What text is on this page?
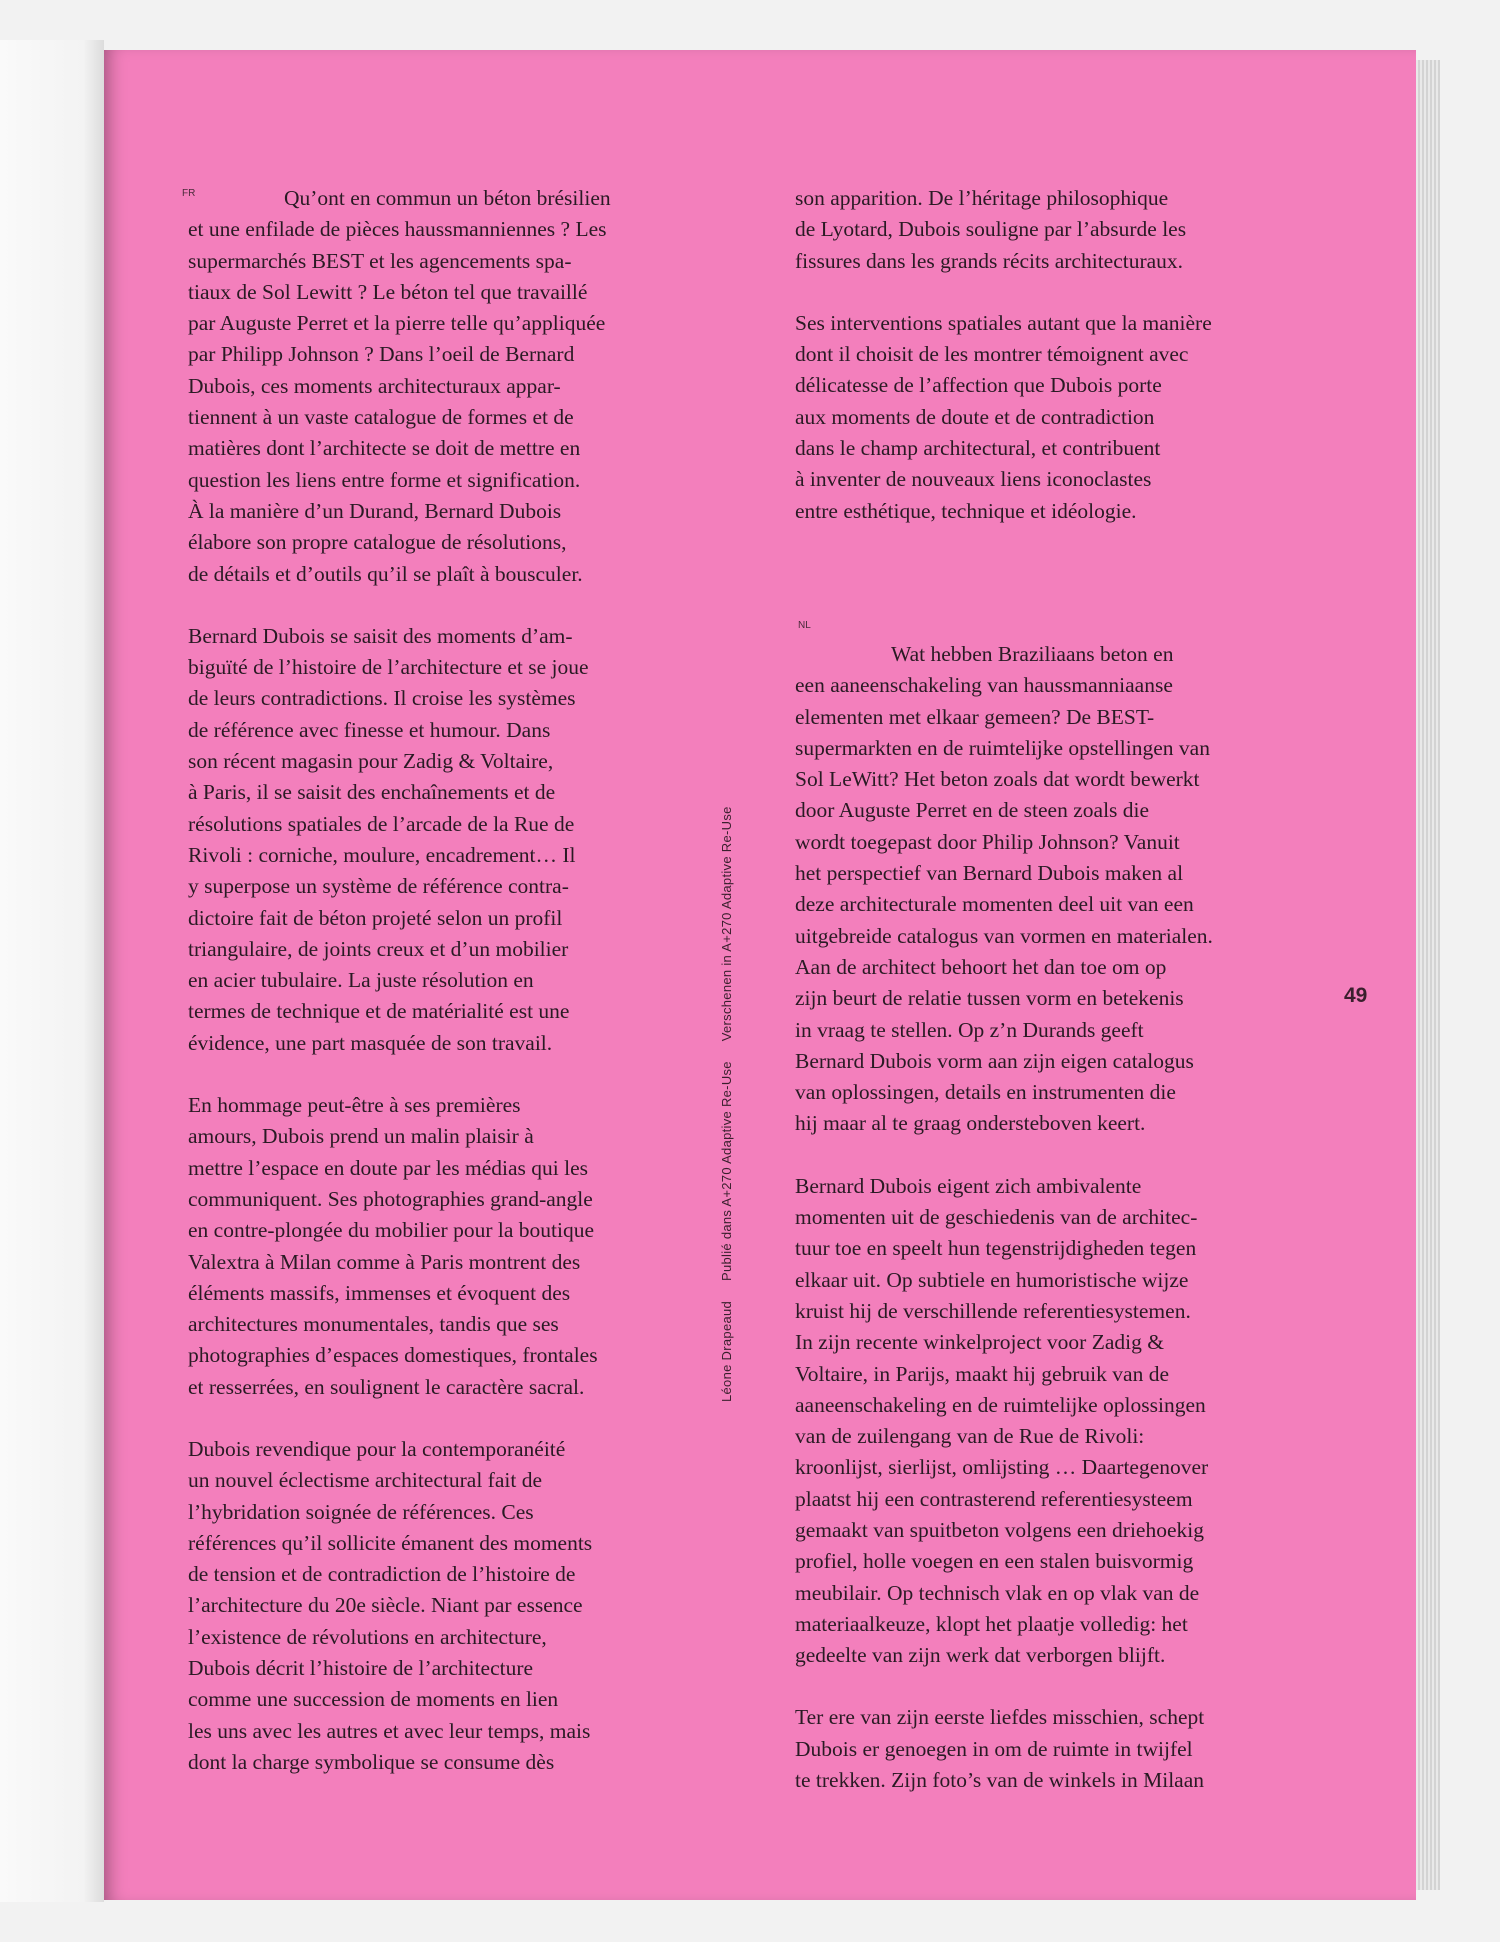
FR
NL

Qu’ont en commun un béton brésilien
et une enfilade de pièces haussmanniennes ? Les
supermarchés BEST et les agencements spa-
tiaux de Sol Lewitt ? Le béton tel que travaillé
par Auguste Perret et la pierre telle qu’appliquée
par Philipp Johnson ? Dans l’oeil de Bernard
Dubois, ces moments architecturaux appar-
tiennent à un vaste catalogue de formes et de
matières dont l’architecte se doit de mettre en
question les liens entre forme et signification.
À la manière d’un Durand, Bernard Dubois
élabore son propre catalogue de résolutions,
de détails et d’outils qu’il se plaît à bousculer.

Bernard Dubois se saisit des moments d’am-
biguïté de l’histoire de l’architecture et se joue
de leurs contradictions. Il croise les systèmes
de référence avec finesse et humour. Dans
son récent magasin pour Zadig & Voltaire,
à Paris, il se saisit des enchaînements et de
résolutions spatiales de l’arcade de la Rue de
Rivoli : corniche, moulure, encadrement… Il
y superpose un système de référence contra-
dictoire fait de béton projeté selon un profil
triangulaire, de joints creux et d’un mobilier
en acier tubulaire. La juste résolution en
termes de technique et de matérialité est une
évidence, une part masquée de son travail.

En hommage peut-être à ses premières
amours, Dubois prend un malin plaisir à
mettre l’espace en doute par les médias qui les
communiquent. Ses photographies grand-angle
en contre-plongée du mobilier pour la boutique
Valextra à Milan comme à Paris montrent des
éléments massifs, immenses et évoquent des
architectures monumentales, tandis que ses
photographies d’espaces domestiques, frontales
et resserrées, en soulignent le caractère sacral.

Dubois revendique pour la contemporanéité
un nouvel éclectisme architectural fait de
l’hybridation soignée de références. Ces
références qu’il sollicite émanent des moments
de tension et de contradiction de l’histoire de
l’architecture du 20e siècle. Niant par essence
l’existence de révolutions en architecture,
Dubois décrit l’histoire de l’architecture
comme une succession de moments en lien
les uns avec les autres et avec leur temps, mais
dont la charge symbolique se consume dès

son apparition. De l’héritage philosophique
de Lyotard, Dubois souligne par l’absurde les
fissures dans les grands récits architecturaux.

Ses interventions spatiales autant que la manière
dont il choisit de les montrer témoignent avec
délicatesse de l’affection que Dubois porte
aux moments de doute et de contradiction
dans le champ architectural, et contribuent
à inventer de nouveaux liens iconoclastes
entre esthétique, technique et idéologie.

Wat hebben Braziliaans beton en
een aaneenschakeling van haussmanniaanse
elementen met elkaar gemeen? De BEST-
supermarkten en de ruimtelijke opstellingen van
Sol LeWitt? Het beton zoals dat wordt bewerkt
door Auguste Perret en de steen zoals die
wordt toegepast door Philip Johnson? Vanuit
het perspectief van Bernard Dubois maken al
deze architecturale momenten deel uit van een
uitgebreide catalogus van vormen en materialen.
Aan de architect behoort het dan toe om op
zijn beurt de relatie tussen vorm en betekenis
in vraag te stellen. Op z’n Durands geeft
Bernard Dubois vorm aan zijn eigen catalogus
van oplossingen, details en instrumenten die
hij maar al te graag ondersteboven keert.

Bernard Dubois eigent zich ambivalente
momenten uit de geschiedenis van de architec-
tuur toe en speelt hun tegenstrijdigheden tegen
elkaar uit. Op subtiele en humoristische wijze
kruist hij de verschillende referentiesystemen.
In zijn recente winkelproject voor Zadig &
Voltaire, in Parijs, maakt hij gebruik van de
aaneenschakeling en de ruimtelijke oplossingen
van de zuilengang van de Rue de Rivoli:
kroonlijst, sierlijst, omlijsting … Daartegenover
plaatst hij een contrasterend referentiesysteem
gemaakt van spuitbeton volgens een driehoekig
profiel, holle voegen en een stalen buisvormig
meubilair. Op technisch vlak en op vlak van de
materiaalkeuze, klopt het plaatje volledig: het
gedeelte van zijn werk dat verborgen blijft.

Ter ere van zijn eerste liefdes misschien, schept
Dubois er genoegen in om de ruimte in twijfel
te trekken. Zijn foto’s van de winkels in Milaan

Léone Drapeaud Publié dans A+270 Adaptive Re-Use Verschenen in A+270 Adaptive Re-Use	49
